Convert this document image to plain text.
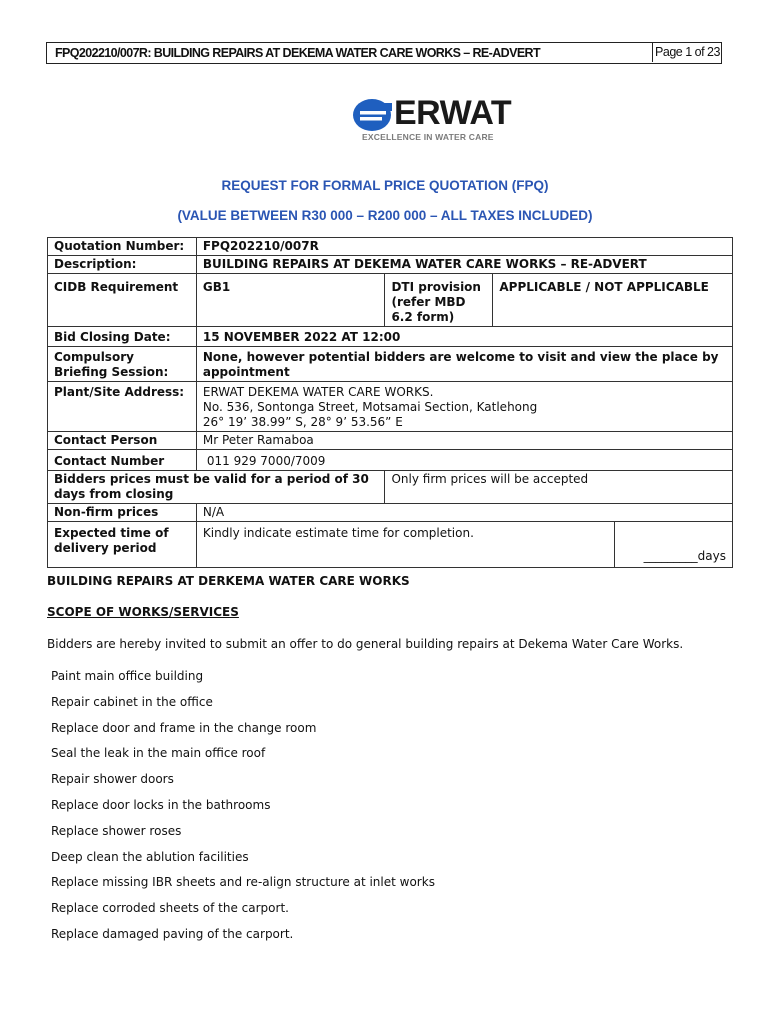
FPQ202210/007R: BUILDING REPAIRS AT DEKEMA WATER CARE WORKS – RE-ADVERT	Page 1 of 23
ERWAT
EXCELLENCE IN WATER CARE
REQUEST FOR FORMAL PRICE QUOTATION (FPQ)
(VALUE BETWEEN R30 000 – R200 000 – ALL TAXES INCLUDED)
Quotation Number:	FPQ202210/007R			
Description:	BUILDING REPAIRS AT DEKEMA WATER CARE WORKS – RE-ADVERT			
CIDB Requirement	GB1	DTI provision (refer MBD 6.2 form)	APPLICABLE / NOT APPLICABLE	
Bid Closing Date:	15 NOVEMBER 2022 AT 12:00			
Compulsory Briefing Session:	None, however potential bidders are welcome to visit and view the place by appointment			
Plant/Site Address:	ERWAT DEKEMA WATER CARE WORKS.
No. 536, Sontonga Street, Motsamai Section, Katlehong
26° 19’ 38.99” S, 28° 9’ 53.56” E			

Contact Person	Mr Peter Ramaboa			
Contact Number	011 929 7000/7009			
Bidders prices must be valid for a period of 30 days from closing		Only firm prices will be accepted		
Non-firm prices	N/A			
Expected time of delivery period	Kindly indicate estimate time for completion.			_________days
BUILDING REPAIRS AT DERKEMA WATER CARE WORKS
SCOPE OF WORKS/SERVICES
Bidders are hereby invited to submit an offer to do general building repairs at Dekema Water Care Works.
Paint main office building
Repair cabinet in the office
Replace door and frame in the change room
Seal the leak in the main office roof
Repair shower doors
Replace door locks in the bathrooms
Replace shower roses
Deep clean the ablution facilities
Replace missing IBR sheets and re-align structure at inlet works
Replace corroded sheets of the carport.
Replace damaged paving of the carport.
